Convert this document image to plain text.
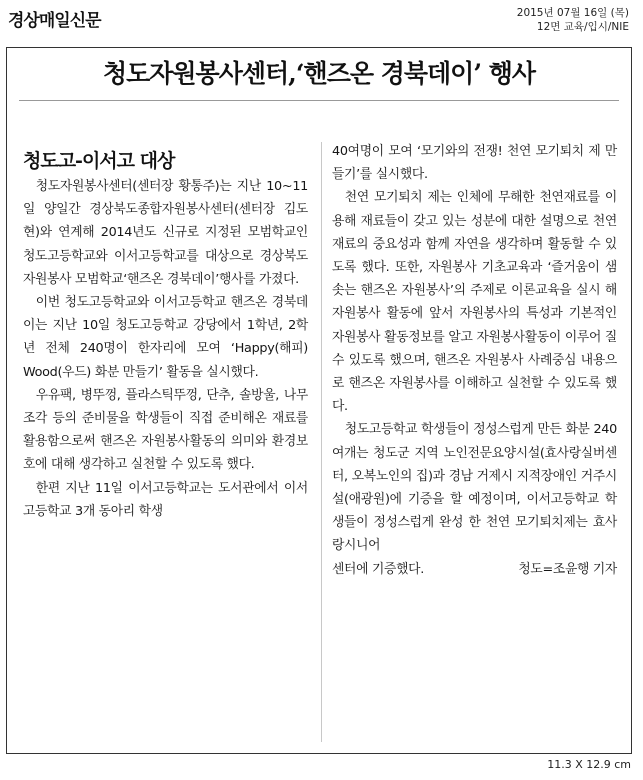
경상매일신문	2015년 07월 16일 (목)
12면 교육/입시/NIE
청도자원봉사센터,‘핸즈온 경북데이’ 행사
청도고-이서고 대상

청도자원봉사센터(센터장 황통주)는 지난 10~11일 양일간 경상북도종합자원봉사센터(센터장 김도현)와 연계해 2014년도 신규로 지정된 모범학교인 청도고등학교와 이서고등학교를 대상으로 경상북도 자원봉사 모범학교‘핸즈온 경북데이’행사를 가졌다.

이번 청도고등학교와 이서고등학교 핸즈온 경북데이는 지난 10일 청도고등학교 강당에서 1학년, 2학년 전체 240명이 한자리에 모여 ‘Happy(해피) Wood(우드) 화분 만들기’ 활동을 실시했다.

우유팩, 병뚜껑, 플라스틱뚜껑, 단추, 솔방울, 나무조각 등의 준비물을 학생들이 직접 준비해온 재료를 활용함으로써 핸즈온 자원봉사활동의 의미와 환경보호에 대해 생각하고 실천할 수 있도록 했다.

한편 지난 11일 이서고등학교는 도서관에서 이서고등학교 3개 동아리 학생

40여명이 모여 ‘모기와의 전쟁! 천연 모기퇴치 제 만들기’를 실시했다.

천연 모기퇴치 제는 인체에 무해한 천연재료를 이용해 재료들이 갖고 있는 성분에 대한 설명으로 천연재료의 중요성과 함께 자연을 생각하며 활동할 수 있도록 했다. 또한, 자원봉사 기초교육과 ‘즐거움이 샘솟는 핸즈온 자원봉사’의 주제로 이론교육을 실시 해 자원봉사 활동에 앞서 자원봉사의 특성과 기본적인 자원봉사 활동정보를 알고 자원봉사활동이 이루어 질 수 있도록 했으며, 핸즈온 자원봉사 사례중심 내용으로 핸즈온 자원봉사를 이해하고 실천할 수 있도록 했다.

청도고등학교 학생들이 정성스럽게 만든 화분 240여개는 청도군 지역 노인전문요양시설(효사랑실버센터, 오복노인의 집)과 경남 거제시 지적장애인 거주시설(애광원)에 기증을 할 예정이며, 이서고등학교 학생들이 정성스럽게 완성 한 천연 모기퇴치제는 효사랑시니어

센터에 기증했다.	청도=조윤행 기자

11.3 X 12.9 cm
